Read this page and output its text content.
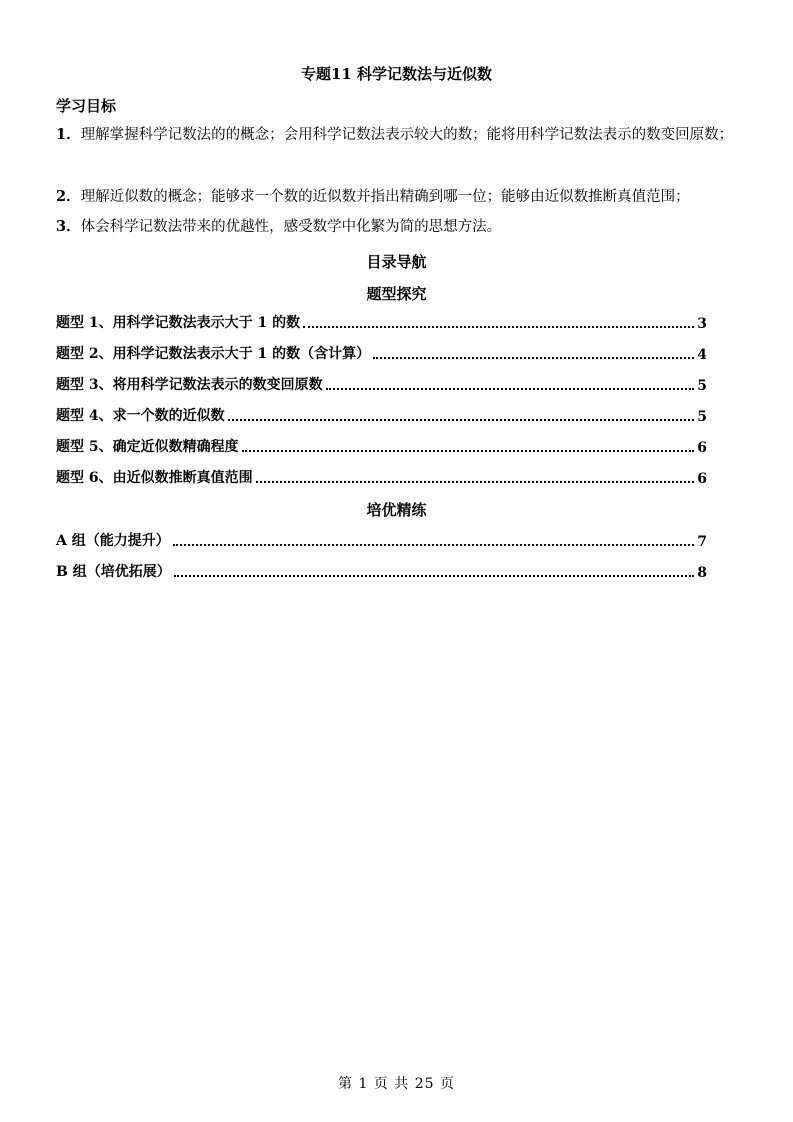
专题11 科学记数法与近似数
学习目标
1．理解掌握科学记数法的的概念；会用科学记数法表示较大的数；能将用科学记数法表示的数变回原数；
2．理解近似数的概念；能够求一个数的近似数并指出精确到哪一位；能够由近似数推断真值范围；
3．体会科学记数法带来的优越性，感受数学中化繁为简的思想方法。
目录导航
题型探究
题型 1、用科学记数法表示大于 1 的数	3
题型 2、用科学记数法表示大于 1 的数（含计算）	4
题型 3、将用科学记数法表示的数变回原数	5
题型 4、求一个数的近似数	5
题型 5、确定近似数精确程度	6
题型 6、由近似数推断真值范围	6
培优精练
A 组（能力提升）	7
B 组（培优拓展）	8
第 1 页 共 25 页
